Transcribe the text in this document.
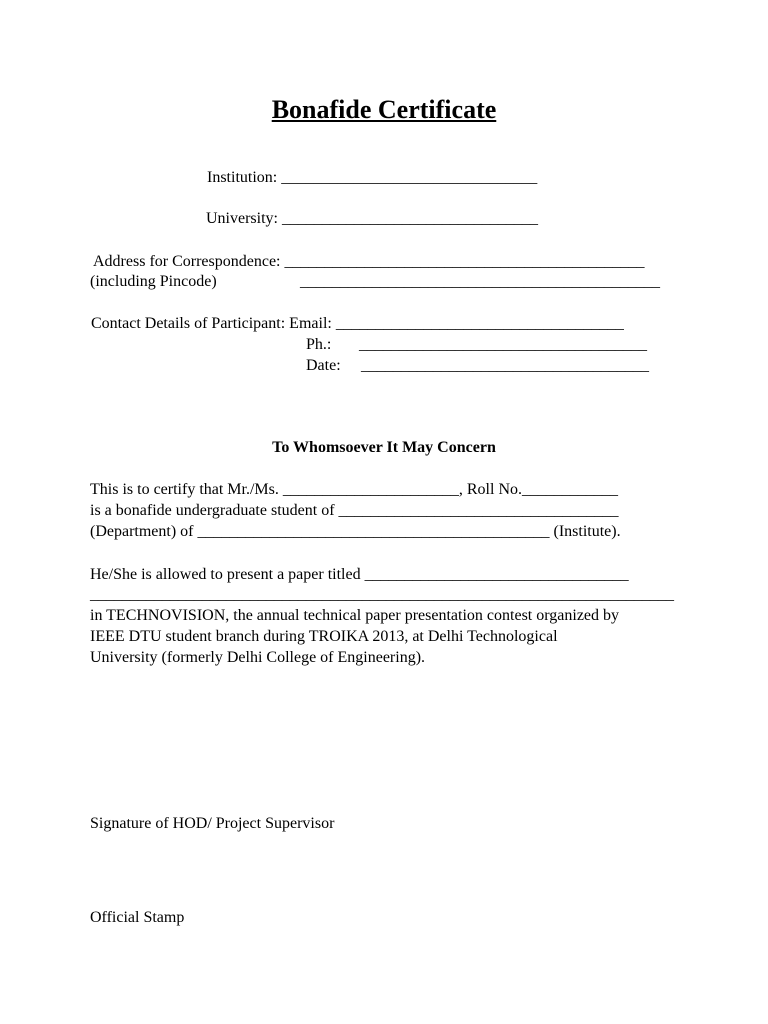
Bonafide Certificate
Institution: ________________________________
University: ________________________________
Address for Correspondence: _____________________________________________
(including Pincode)	_____________________________________________
Contact Details of Participant: Email: ____________________________________
Ph.: ____________________________________
Date: ____________________________________
To Whomsoever It May Concern
This is to certify that Mr./Ms. ______________________, Roll No.____________
is a bonafide undergraduate student of ___________________________________
(Department) of ____________________________________________ (Institute).
He/She is allowed to present a paper titled _________________________________
_________________________________________________________________________
in TECHNOVISION, the annual technical paper presentation contest organized by
IEEE DTU student branch during TROIKA 2013, at Delhi Technological
University (formerly Delhi College of Engineering).
Signature of HOD/ Project Supervisor
Official Stamp
